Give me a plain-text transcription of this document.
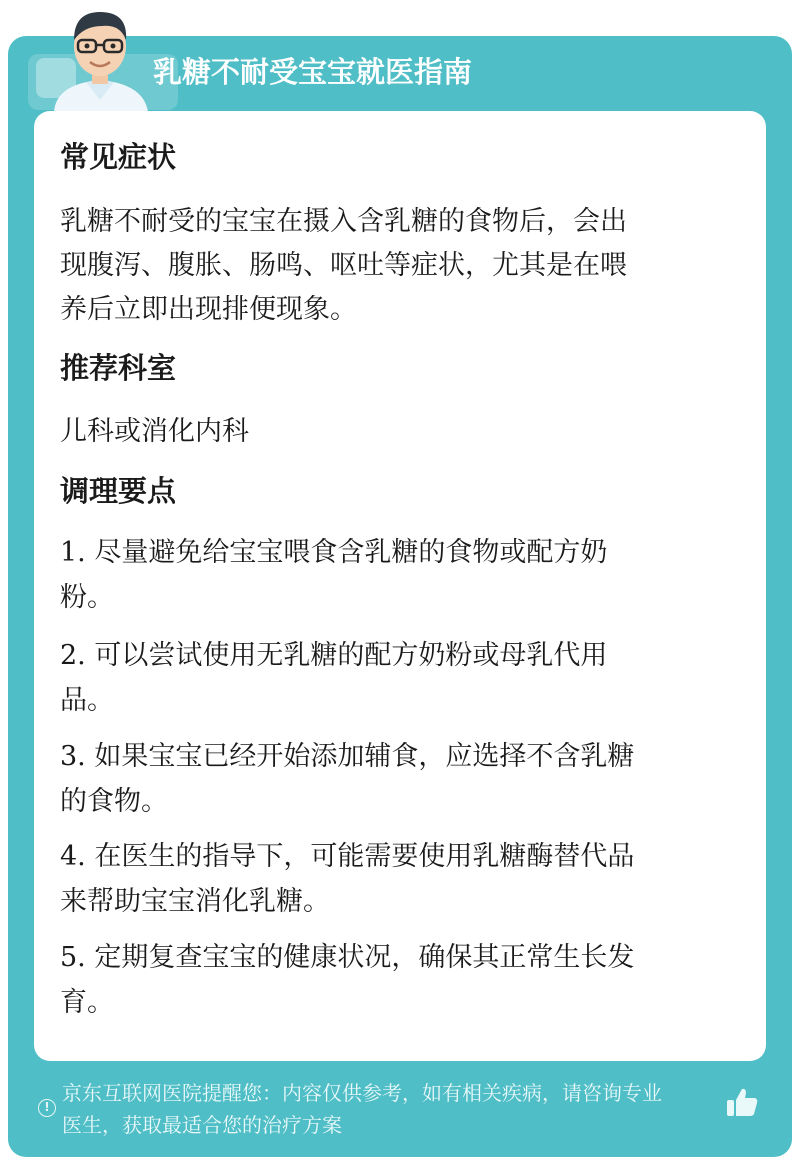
乳糖不耐受宝宝就医指南
常见症状
乳糖不耐受的宝宝在摄入含乳糖的食物后，会出
现腹泻、腹胀、肠鸣、呕吐等症状，尤其是在喂
养后立即出现排便现象。
推荐科室
儿科或消化内科
调理要点
1. 尽量避免给宝宝喂食含乳糖的食物或配方奶
粉。
2. 可以尝试使用无乳糖的配方奶粉或母乳代用
品。
3. 如果宝宝已经开始添加辅食，应选择不含乳糖
的食物。
4. 在医生的指导下，可能需要使用乳糖酶替代品
来帮助宝宝消化乳糖。
5. 定期复查宝宝的健康状况，确保其正常生长发
育。
!
京东互联网医院提醒您：内容仅供参考，如有相关疾病，请咨询专业
医生，获取最适合您的治疗方案
